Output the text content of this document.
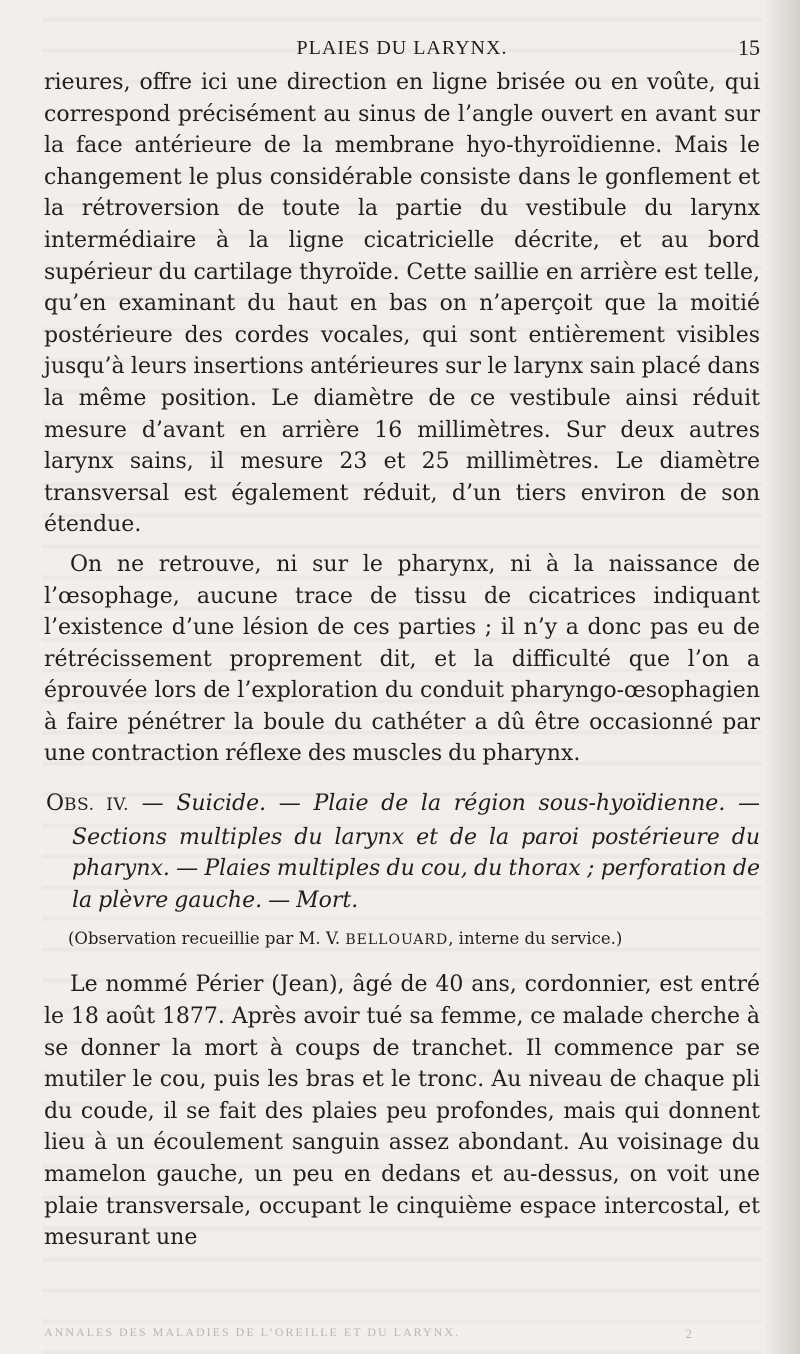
PLAIES DU LARYNX.	15

rieures, offre ici une direction en ligne brisée ou en voûte, qui correspond précisément au sinus de l’angle ouvert en avant sur la face antérieure de la membrane hyo-thyroïdienne. Mais le changement le plus considérable consiste dans le gonflement et la rétroversion de toute la partie du vestibule du larynx intermédiaire à la ligne cicatricielle décrite, et au bord supérieur du cartilage thyroïde. Cette saillie en arrière est telle, qu’en examinant du haut en bas on n’aperçoit que la moitié postérieure des cordes vocales, qui sont entièrement visibles jusqu’à leurs insertions antérieures sur le larynx sain placé dans la même position. Le diamètre de ce vestibule ainsi réduit mesure d’avant en arrière 16 millimètres. Sur deux autres larynx sains, il mesure 23 et 25 millimètres. Le diamètre transversal est également réduit, d’un tiers environ de son étendue.

On ne retrouve, ni sur le pharynx, ni à la naissance de l’œsophage, aucune trace de tissu de cicatrices indiquant l’existence d’une lésion de ces parties ; il n’y a donc pas eu de rétrécissement proprement dit, et la difficulté que l’on a éprouvée lors de l’exploration du conduit pharyngo-œsophagien à faire pénétrer la boule du cathéter a dû être occasionné par une contraction réflexe des muscles du pharynx.

OBS. IV. — Suicide. — Plaie de la région sous-hyoïdienne. — Sections multiples du larynx et de la paroi postérieure du pharynx. — Plaies multiples du cou, du thorax ; perforation de la plèvre gauche. — Mort.

(Observation recueillie par M. V. BELLOUARD, interne du service.)

Le nommé Périer (Jean), âgé de 40 ans, cordonnier, est entré le 18 août 1877. Après avoir tué sa femme, ce malade cherche à se donner la mort à coups de tranchet. Il commence par se mutiler le cou, puis les bras et le tronc. Au niveau de chaque pli du coude, il se fait des plaies peu profondes, mais qui donnent lieu à un écoulement sanguin assez abondant. Au voisinage du mamelon gauche, un peu en dedans et au-dessus, on voit une plaie transversale, occupant le cinquième espace intercostal, et mesurant une

ANNALES DES MALADIES DE L’OREILLE ET DU LARYNX.	2
